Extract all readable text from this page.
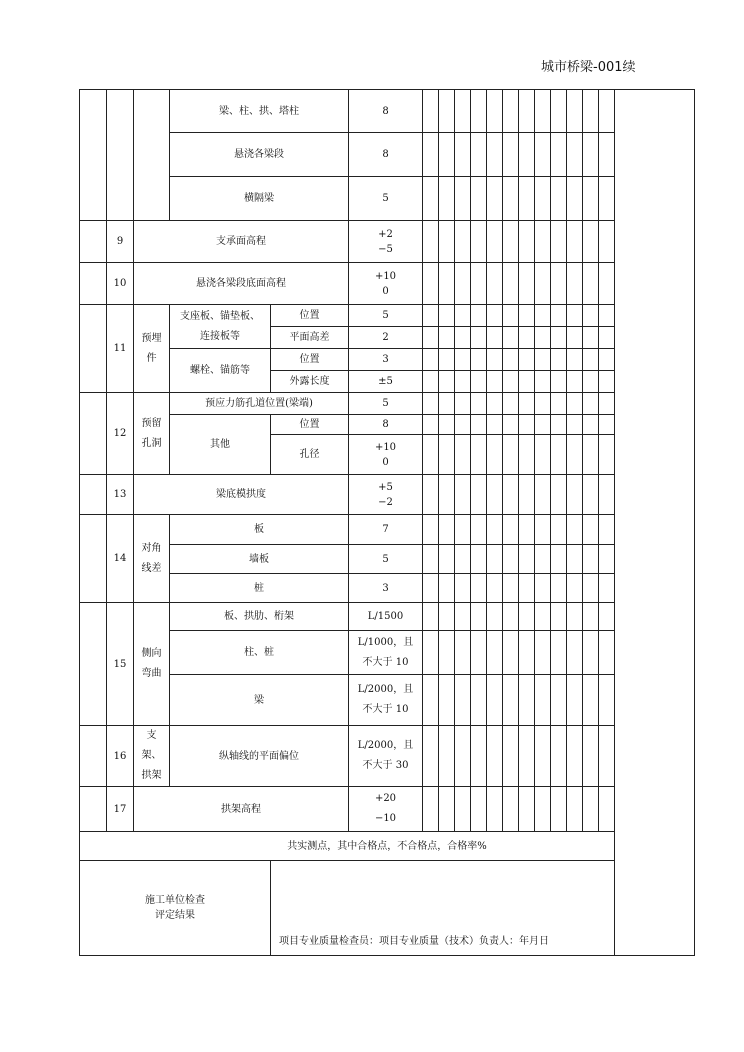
城市桥梁-001续
			梁、柱、拱、塔柱		8													
			悬浇各梁段		8													
			横隔梁		5													
	9	支承面高程			+2
−5													

	10	悬浇各梁段底面高程			+10
0													

	11	预埋件	支座板、锚垫板、连接板等	位置	5													
				平面高差	2													
			螺栓、锚筋等	位置	3													
				外露长度	±5													
	12	预留孔洞	预应力筋孔道位置(梁端)		5													
			其他	位置	8													
				孔径	+10
0													

	13	梁底模拱度			+5
−2													

	14	对角线差	板		7													
			墙板		5													
			桩		3													
	15	侧向弯曲	板、拱肋、桁架		L/1500													
			柱、桩		L/1000，且
不大于 10													

			梁		L/2000，且
不大于 10													

	16	支架、拱架	纵轴线的平面偏位		L/2000，且
不大于 30													

	17	拱架高程			+20
−10													

共实测点，其中合格点，不合格点，合格率%																		

施工单位检查
评定结果				项目专业质量检查员：项目专业质量（技术）负责人：年月日														
